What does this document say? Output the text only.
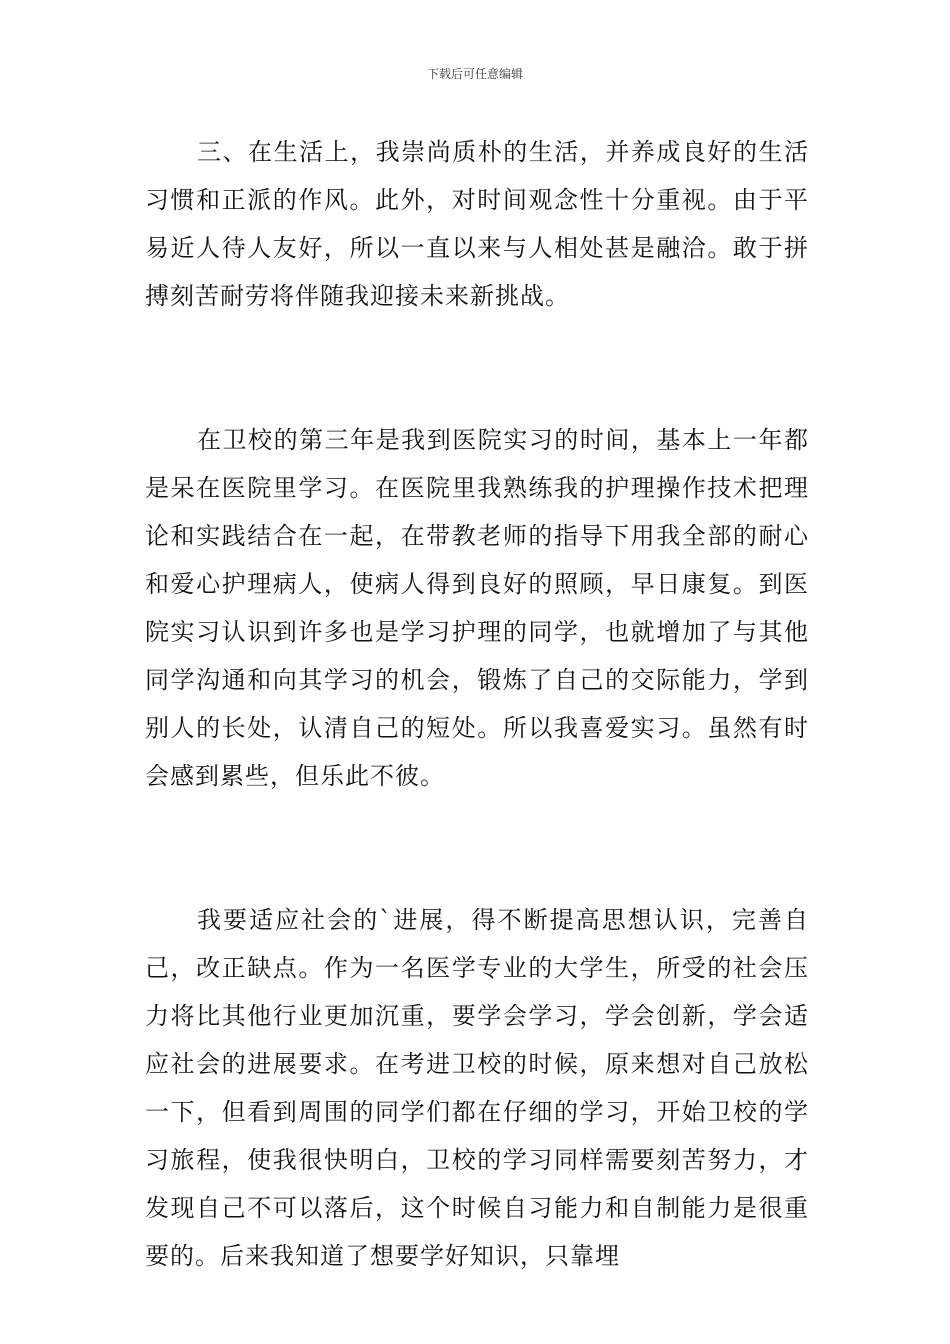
下载后可任意编辑

三、在生活上，我崇尚质朴的生活，并养成良好的生活习惯和正派的作风。此外，对时间观念性十分重视。由于平易近人待人友好，所以一直以来与人相处甚是融洽。敢于拼搏刻苦耐劳将伴随我迎接未来新挑战。

在卫校的第三年是我到医院实习的时间，基本上一年都是呆在医院里学习。在医院里我熟练我的护理操作技术把理论和实践结合在一起，在带教老师的指导下用我全部的耐心和爱心护理病人，使病人得到良好的照顾，早日康复。到医院实习认识到许多也是学习护理的同学，也就增加了与其他同学沟通和向其学习的机会，锻炼了自己的交际能力，学到别人的长处，认清自己的短处。所以我喜爱实习。虽然有时会感到累些，但乐此不彼。

我要适应社会的`进展，得不断提高思想认识，完善自己，改正缺点。作为一名医学专业的大学生，所受的社会压力将比其他行业更加沉重，要学会学习，学会创新，学会适应社会的进展要求。在考进卫校的时候，原来想对自己放松一下，但看到周围的同学们都在仔细的学习，开始卫校的学习旅程，使我很快明白，卫校的学习同样需要刻苦努力，才发现自己不可以落后，这个时候自习能力和自制能力是很重要的。后来我知道了想要学好知识，只靠埋
